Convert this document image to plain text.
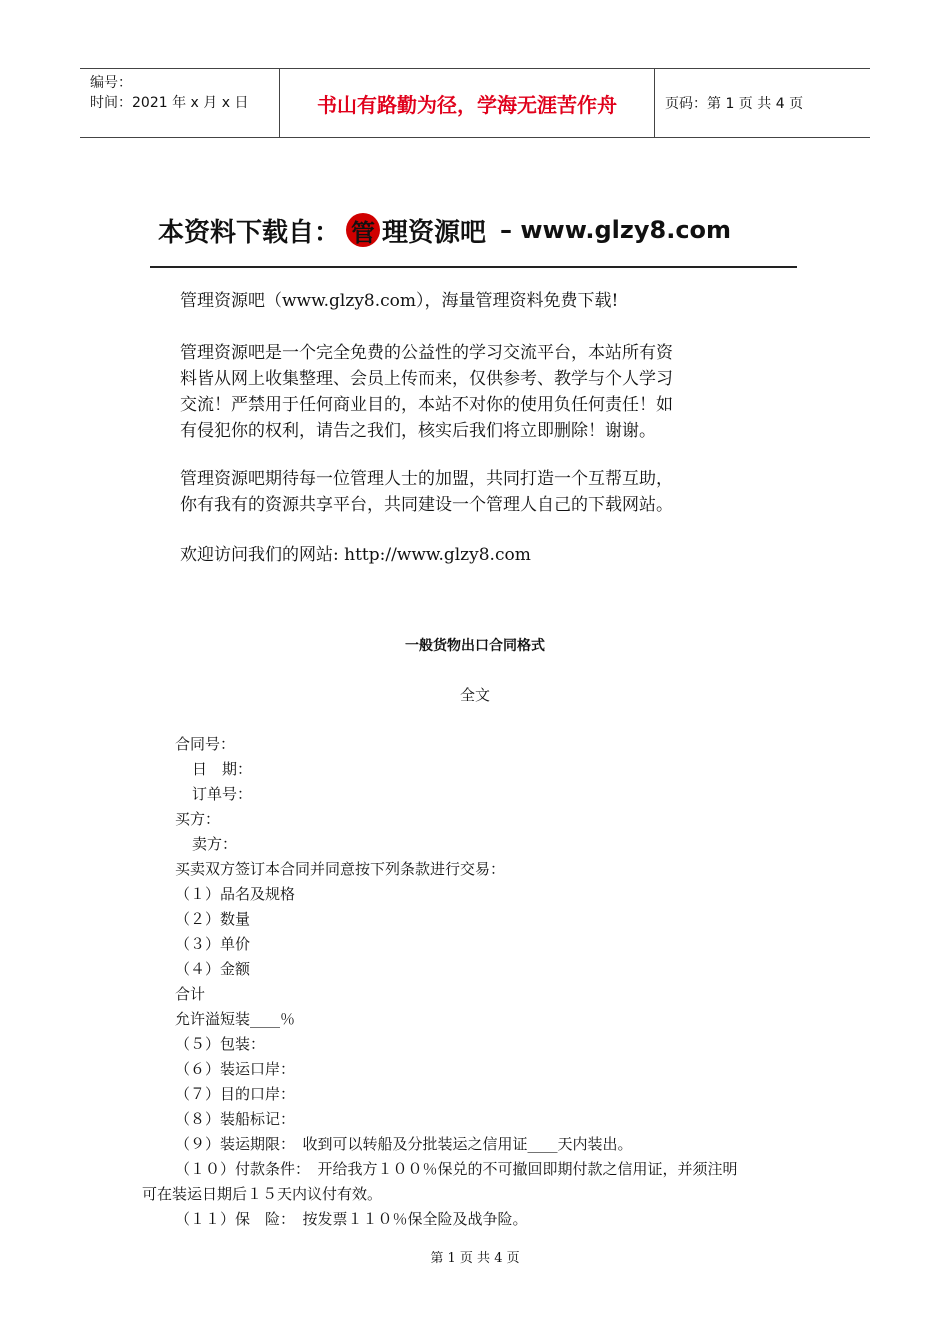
编号：
时间：2021 年 x 月 x 日	书山有路勤为径，学海无涯苦作舟	页码：第 1 页 共 4 页
本资料下载自： 管 理资源吧 – www.glzy8.com

管理资源吧（www.glzy8.com），海量管理资料免费下载!

管理资源吧是一个完全免费的公益性的学习交流平台，本站所有资

料皆从网上收集整理、会员上传而来，仅供参考、教学与个人学习

交流！严禁用于任何商业目的，本站不对你的使用负任何责任！如

有侵犯你的权利，请告之我们，核实后我们将立即删除！谢谢。

管理资源吧期待每一位管理人士的加盟，共同打造一个互帮互助，

你有我有的资源共享平台，共同建设一个管理人自己的下载网站。

欢迎访问我们的网站: http://www.glzy8.com

一般货物出口合同格式
全文
合同号：
日　期：
订单号：
买方：
卖方：
买卖双方签订本合同并同意按下列条款进行交易：
（１）品名及规格
（２）数量
（３）单价
（４）金额
合计
允许溢短装____％
（５）包装：
（６）装运口岸：
（７）目的口岸：
（８）装船标记：
（９）装运期限：　收到可以转船及分批装运之信用证____天内装出。
（１０）付款条件：　开给我方１００％保兑的不可撤回即期付款之信用证，并须注明
可在装运日期后１５天内议付有效。
（１１）保　险：　按发票１１０％保全险及战争险。
第 1 页 共 4 页
